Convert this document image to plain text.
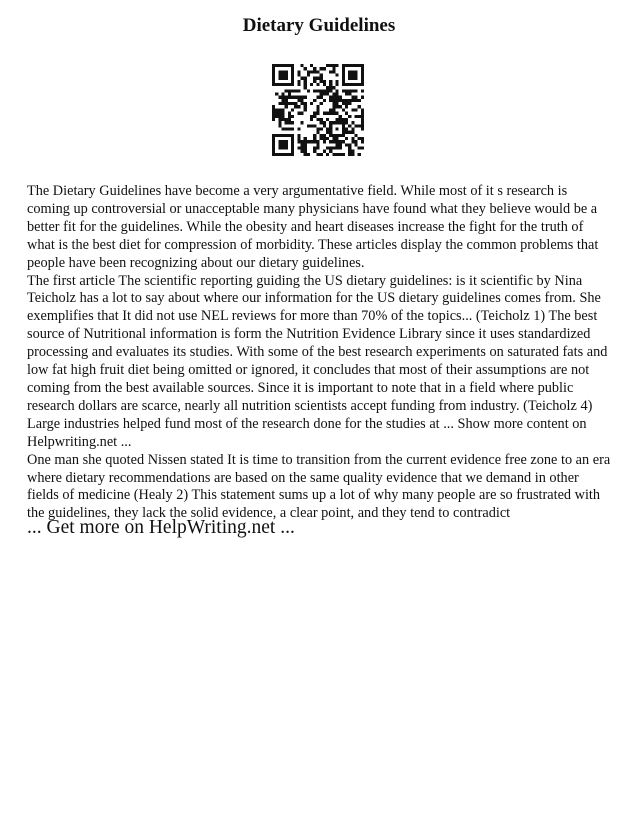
Dietary Guidelines

The Dietary Guidelines have become a very argumentative field. While most of it s research is coming up controversial or unacceptable many physicians have found what they believe would be a better fit for the guidelines. While the obesity and heart diseases increase the fight for the truth of what is the best diet for compression of morbidity. These articles display the common problems that people have been recognizing about our dietary guidelines.

The first article The scientific reporting guiding the US dietary guidelines: is it scientific by Nina Teicholz has a lot to say about where our information for the US dietary guidelines comes from. She exemplifies that It did not use NEL reviews for more than 70% of the topics... (Teicholz 1) The best source of Nutritional information is form the Nutrition Evidence Library since it uses standardized processing and evaluates its studies. With some of the best research experiments on saturated fats and low fat high fruit diet being omitted or ignored, it concludes that most of their assumptions are not coming from the best available sources. Since it is important to note that in a field where public research dollars are scarce, nearly all nutrition scientists accept funding from industry. (Teicholz 4) Large industries helped fund most of the research done for the studies at ... Show more content on Helpwriting.net ...

One man she quoted Nissen stated It is time to transition from the current evidence free zone to an era where dietary recommendations are based on the same quality evidence that we demand in other fields of medicine (Healy 2) This statement sums up a lot of why many people are so frustrated with the guidelines, they lack the solid evidence, a clear point, and they tend to contradict

... Get more on HelpWriting.net ...
